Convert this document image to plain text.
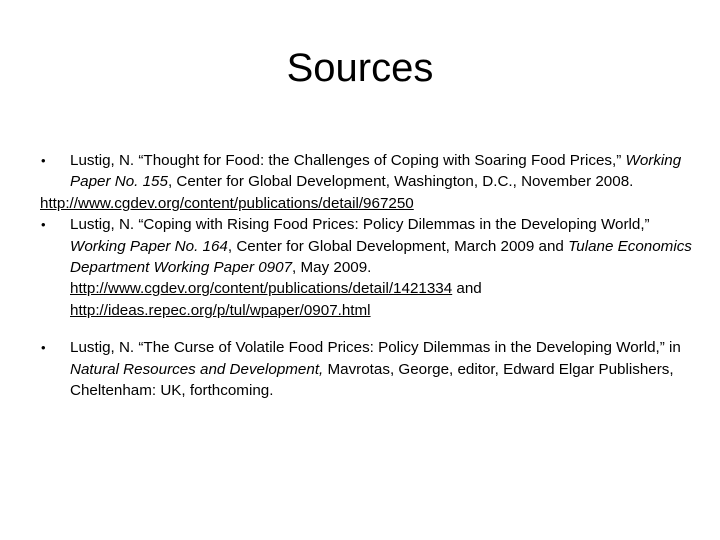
Sources
• Lustig, N. “Thought for Food: the Challenges of Coping with Soaring Food Prices,” Working Paper No. 155, Center for Global Development, Washington, D.C., November 2008.
http://www.cgdev.org/content/publications/detail/967250
• Lustig, N. “Coping with Rising Food Prices: Policy Dilemmas in the Developing World,” Working Paper No. 164, Center for Global Development, March 2009 and Tulane Economics Department Working Paper 0907, May 2009.
http://www.cgdev.org/content/publications/detail/1421334 and
http://ideas.repec.org/p/tul/wpaper/0907.html
• Lustig, N. “The Curse of Volatile Food Prices: Policy Dilemmas in the Developing World,” in Natural Resources and Development, Mavrotas, George, editor, Edward Elgar Publishers, Cheltenham: UK, forthcoming.
